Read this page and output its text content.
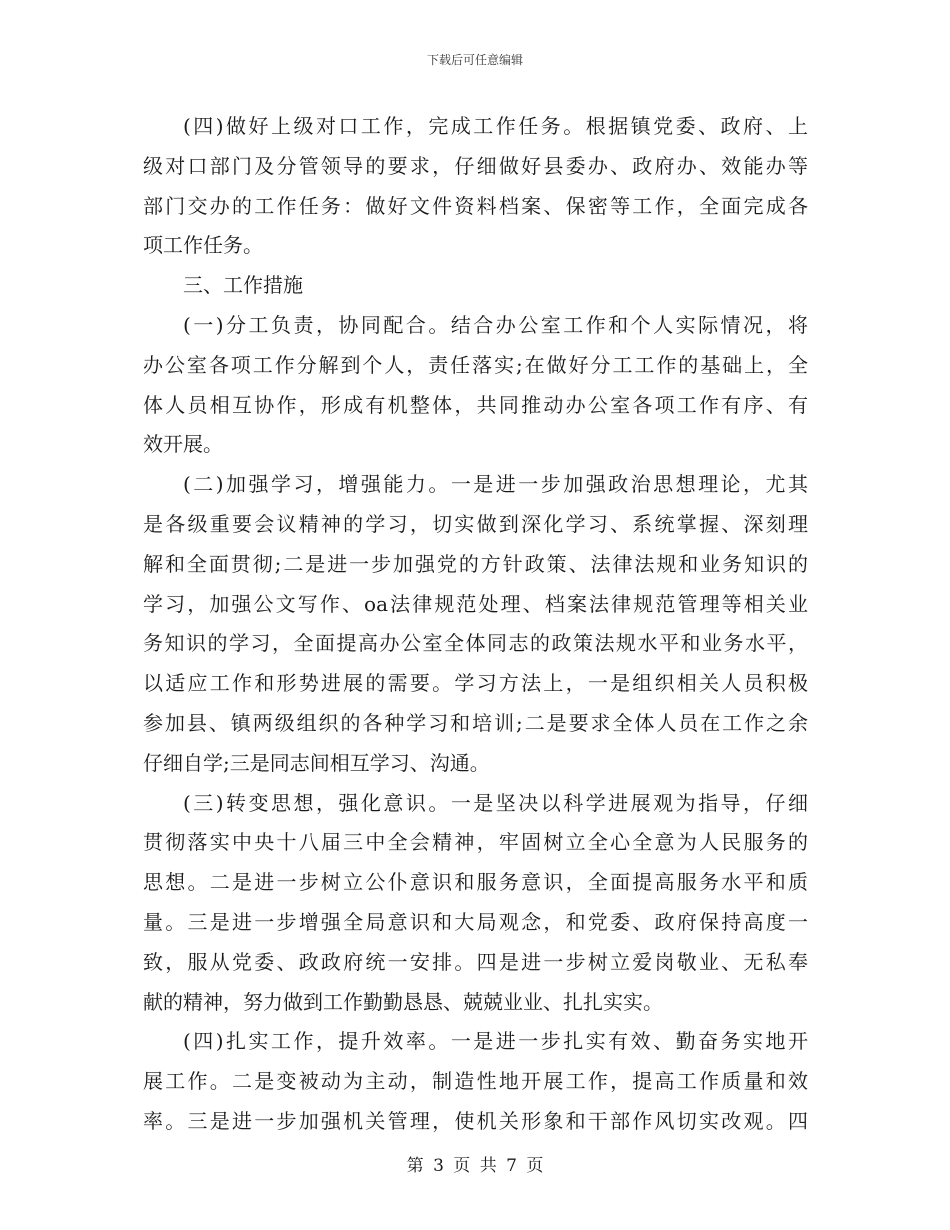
下载后可任意编辑
(四)做好上级对口工作，完成工作任务。根据镇党委、政府、上
级对口部门及分管领导的要求，仔细做好县委办、政府办、效能办等
部门交办的工作任务：做好文件资料档案、保密等工作，全面完成各
项工作任务。
三、工作措施
(一)分工负责，协同配合。结合办公室工作和个人实际情况，将
办公室各项工作分解到个人，责任落实;在做好分工工作的基础上，全
体人员相互协作，形成有机整体，共同推动办公室各项工作有序、有
效开展。
(二)加强学习，增强能力。一是进一步加强政治思想理论，尤其
是各级重要会议精神的学习，切实做到深化学习、系统掌握、深刻理
解和全面贯彻;二是进一步加强党的方针政策、法律法规和业务知识的
学习，加强公文写作、oa法律规范处理、档案法律规范管理等相关业
务知识的学习，全面提高办公室全体同志的政策法规水平和业务水平，
以适应工作和形势进展的需要。学习方法上，一是组织相关人员积极
参加县、镇两级组织的各种学习和培训;二是要求全体人员在工作之余
仔细自学;三是同志间相互学习、沟通。
(三)转变思想，强化意识。一是坚决以科学进展观为指导，仔细
贯彻落实中央十八届三中全会精神，牢固树立全心全意为人民服务的
思想。二是进一步树立公仆意识和服务意识，全面提高服务水平和质
量。三是进一步增强全局意识和大局观念，和党委、政府保持高度一
致，服从党委、政政府统一安排。四是进一步树立爱岗敬业、无私奉
献的精神，努力做到工作勤勤恳恳、兢兢业业、扎扎实实。
(四)扎实工作，提升效率。一是进一步扎实有效、勤奋务实地开
展工作。二是变被动为主动，制造性地开展工作，提高工作质量和效
率。三是进一步加强机关管理，使机关形象和干部作风切实改观。四
第 3 页 共 7 页
